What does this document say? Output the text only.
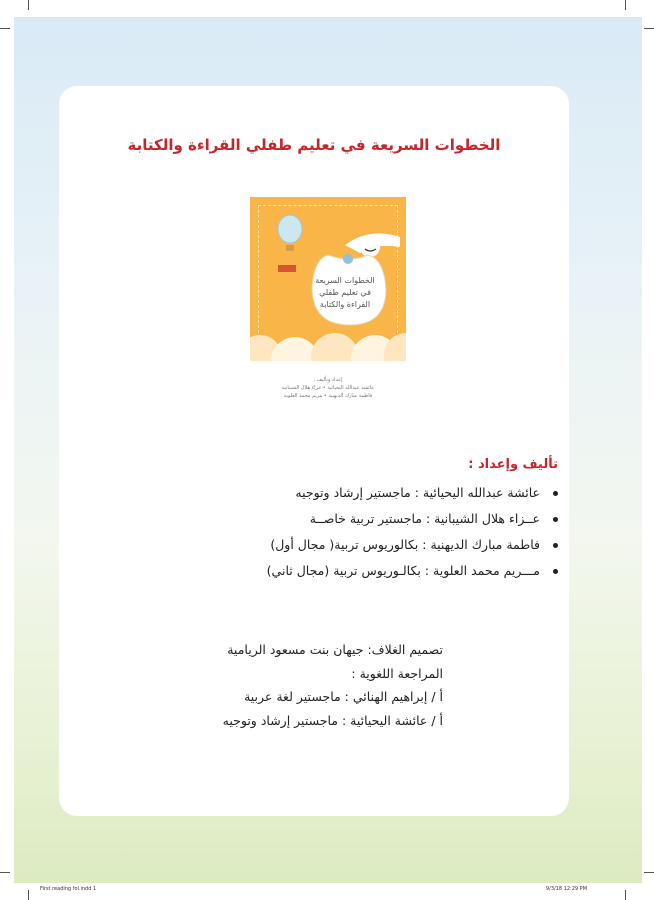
الخطوات السريعة في تعليم طفلي القراءة والكتابة
الخطوات السريعة
في تعليم طفلي
القراءة والكتابة
إعداد وتأليف :
عائشة عبدالله اليحيائية • عزاء هلال الشيبانية
فاطمة مبارك الديهنية • مريم محمد العلوية
تأليف وإعداد :
عائشة عبدالله اليحيائية : ماجستير إرشاد وتوجيه
عــزاء هلال الشيبانية : ماجستير تربية خاصــة
فاطمة مبارك الديهنية : بكالوريوس تربية( مجال أول)
مـــريم محمد العلوية : بكالـوريوس تربية (مجال ثاني)
تصميم الغلاف: جيهان بنت مسعود الريامية
المراجعة اللغوية :
أ / إبراهيم الهنائي : ماجستير لغة عربية
أ / عائشة اليحيائية : ماجستير إرشاد وتوجيه
First reading fol.indd 1	9/3/18 12:29 PM
